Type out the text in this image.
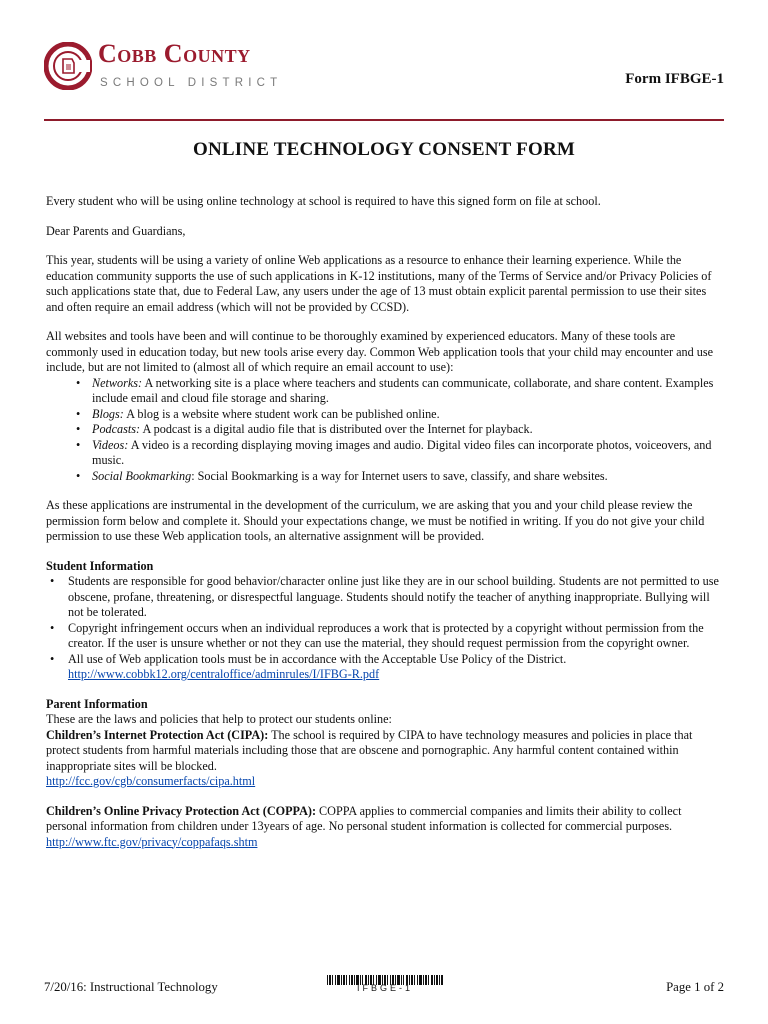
Cobb County
SCHOOL DISTRICT	Form IFBGE-1
ONLINE TECHNOLOGY CONSENT FORM

Every student who will be using online technology at school is required to have this signed form on file at school.

Dear Parents and Guardians,

This year, students will be using a variety of online Web applications as a resource to enhance their learning experience. While the education community supports the use of such applications in K-12 institutions, many of the Terms of Service and/or Privacy Policies of such applications state that, due to Federal Law, any users under the age of 13 must obtain explicit parental permission to use their sites and often require an email address (which will not be provided by CCSD).

All websites and tools have been and will continue to be thoroughly examined by experienced educators. Many of these tools are commonly used in education today, but new tools arise every day. Common Web application tools that your child may encounter and use include, but are not limited to (almost all of which require an email account to use):

• Networks: A networking site is a place where teachers and students can communicate, collaborate, and share content. Examples include email and cloud file storage and sharing.
• Blogs: A blog is a website where student work can be published online.
• Podcasts: A podcast is a digital audio file that is distributed over the Internet for playback.
• Videos: A video is a recording displaying moving images and audio. Digital video files can incorporate photos, voiceovers, and music.
• Social Bookmarking: Social Bookmarking is a way for Internet users to save, classify, and share websites.

As these applications are instrumental in the development of the curriculum, we are asking that you and your child please review the permission form below and complete it. Should your expectations change, we must be notified in writing. If you do not give your child permission to use these Web application tools, an alternative assignment will be provided.

Student Information

• Students are responsible for good behavior/character online just like they are in our school building. Students are not permitted to use obscene, profane, threatening, or disrespectful language. Students should notify the teacher of anything inappropriate. Bullying will not be tolerated.
• Copyright infringement occurs when an individual reproduces a work that is protected by a copyright without permission from the creator. If the user is unsure whether or not they can use the material, they should request permission from the copyright owner.
• All use of Web application tools must be in accordance with the Acceptable Use Policy of the District.
http://www.cobbk12.org/centraloffice/adminrules/I/IFBG-R.pdf

Parent Information

These are the laws and policies that help to protect our students online:

Children’s Internet Protection Act (CIPA): The school is required by CIPA to have technology measures and policies in place that protect students from harmful materials including those that are obscene and pornographic. Any harmful content contained within inappropriate sites will be blocked.

http://fcc.gov/cgb/consumerfacts/cipa.html

Children’s Online Privacy Protection Act (COPPA): COPPA applies to commercial companies and limits their ability to collect personal information from children under 13years of age. No personal student information is collected for commercial purposes.

http://www.ftc.gov/privacy/coppafaqs.shtm

7/20/16: Instructional Technology	IFBGE-1	Page 1 of 2
